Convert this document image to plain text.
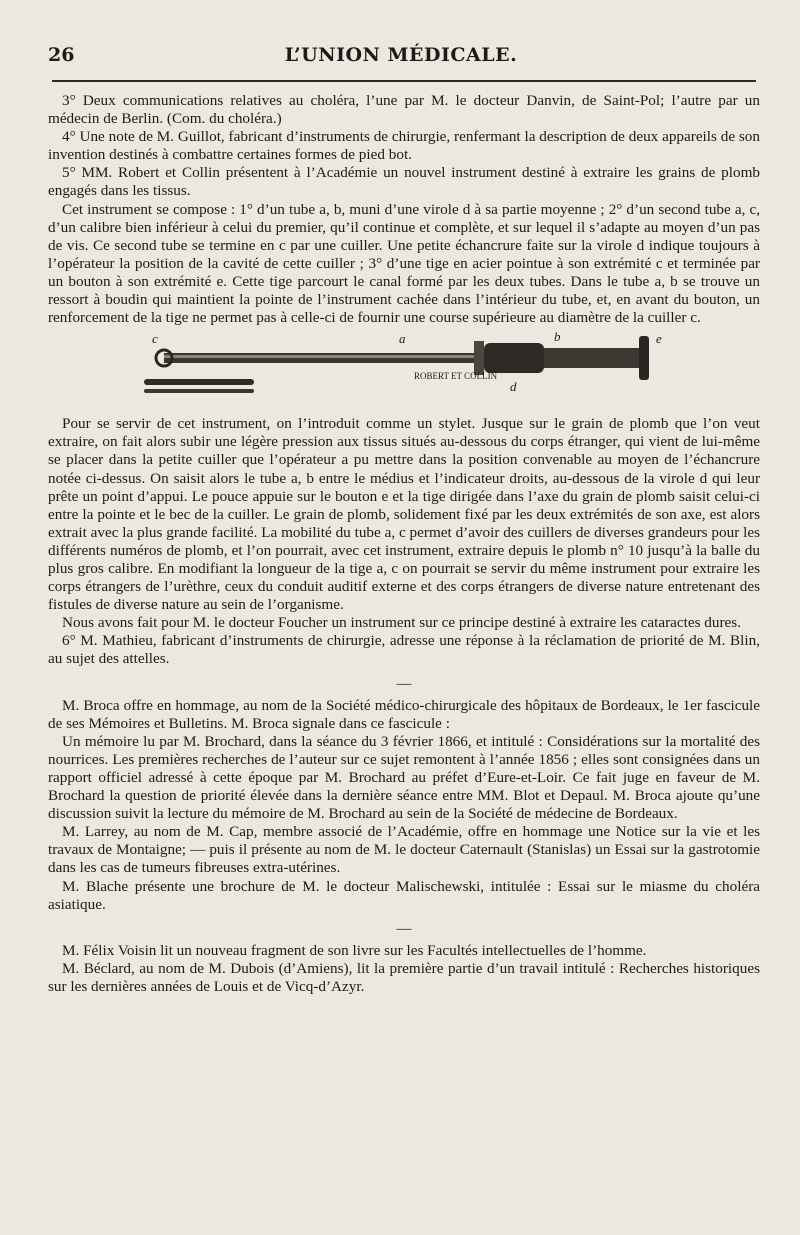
26	L’UNION MÉDICALE.

3° Deux communications relatives au choléra, l’une par M. le docteur Danvin, de Saint-Pol; l’autre par un médecin de Berlin. (Com. du choléra.)

4° Une note de M. Guillot, fabricant d’instruments de chirurgie, renfermant la description de deux appareils de son invention destinés à combattre certaines formes de pied bot.

5° MM. Robert et Collin présentent à l’Académie un nouvel instrument destiné à extraire les grains de plomb engagés dans les tissus.

Cet instrument se compose : 1° d’un tube a, b, muni d’une virole d à sa partie moyenne ; 2° d’un second tube a, c, d’un calibre bien inférieur à celui du premier, qu’il continue et complète, et sur lequel il s’adapte au moyen d’un pas de vis. Ce second tube se termine en c par une cuiller. Une petite échancrure faite sur la virole d indique toujours à l’opérateur la position de la cavité de cette cuiller ; 3° d’une tige en acier pointue à son extrémité c et terminée par un bouton à son extrémité e. Cette tige parcourt le canal formé par les deux tubes. Dans le tube a, b se trouve un ressort à boudin qui maintient la pointe de l’instrument cachée dans l’intérieur du tube, et, en avant du bouton, un renforcement de la tige ne permet pas à celle-ci de fournir une course supérieure au diamètre de la cuiller c.

a	b
c
d
e
ROBERT ET COLLIN

Pour se servir de cet instrument, on l’introduit comme un stylet. Jusque sur le grain de plomb que l’on veut extraire, on fait alors subir une légère pression aux tissus situés au-dessous du corps étranger, qui vient de lui-même se placer dans la petite cuiller que l’opérateur a pu mettre dans la position convenable au moyen de l’échancrure notée ci-dessus. On saisit alors le tube a, b entre le médius et l’indicateur droits, au-dessous de la virole d qui leur prête un point d’appui. Le pouce appuie sur le bouton e et la tige dirigée dans l’axe du grain de plomb saisit celui-ci entre la pointe et le bec de la cuiller. Le grain de plomb, solidement fixé par les deux extrémités de son axe, est alors extrait avec la plus grande facilité. La mobilité du tube a, c permet d’avoir des cuillers de diverses grandeurs pour les différents numéros de plomb, et l’on pourrait, avec cet instrument, extraire depuis le plomb n° 10 jusqu’à la balle du plus gros calibre. En modifiant la longueur de la tige a, c on pourrait se servir du même instrument pour extraire les corps étrangers de l’urèthre, ceux du conduit auditif externe et des corps étrangers de diverse nature entretenant des fistules de diverse nature au sein de l’organisme.

Nous avons fait pour M. le docteur Foucher un instrument sur ce principe destiné à extraire les cataractes dures.

6° M. Mathieu, fabricant d’instruments de chirurgie, adresse une réponse à la réclamation de priorité de M. Blin, au sujet des attelles.

—

M. Broca offre en hommage, au nom de la Société médico-chirurgicale des hôpitaux de Bordeaux, le 1er fascicule de ses Mémoires et Bulletins. M. Broca signale dans ce fascicule :

Un mémoire lu par M. Brochard, dans la séance du 3 février 1866, et intitulé : Considérations sur la mortalité des nourrices. Les premières recherches de l’auteur sur ce sujet remontent à l’année 1856 ; elles sont consignées dans un rapport officiel adressé à cette époque par M. Brochard au préfet d’Eure-et-Loir. Ce fait juge en faveur de M. Brochard la question de priorité élevée dans la dernière séance entre MM. Blot et Depaul. M. Broca ajoute qu’une discussion suivit la lecture du mémoire de M. Brochard au sein de la Société de médecine de Bordeaux.

M. Larrey, au nom de M. Cap, membre associé de l’Académie, offre en hommage une Notice sur la vie et les travaux de Montaigne; — puis il présente au nom de M. le docteur Caternault (Stanislas) un Essai sur la gastrotomie dans les cas de tumeurs fibreuses extra-utérines.

M. Blache présente une brochure de M. le docteur Malischewski, intitulée : Essai sur le miasme du choléra asiatique.

—

M. Félix Voisin lit un nouveau fragment de son livre sur les Facultés intellectuelles de l’homme.

M. Béclard, au nom de M. Dubois (d’Amiens), lit la première partie d’un travail intitulé : Recherches historiques sur les dernières années de Louis et de Vicq-d’Azyr.
